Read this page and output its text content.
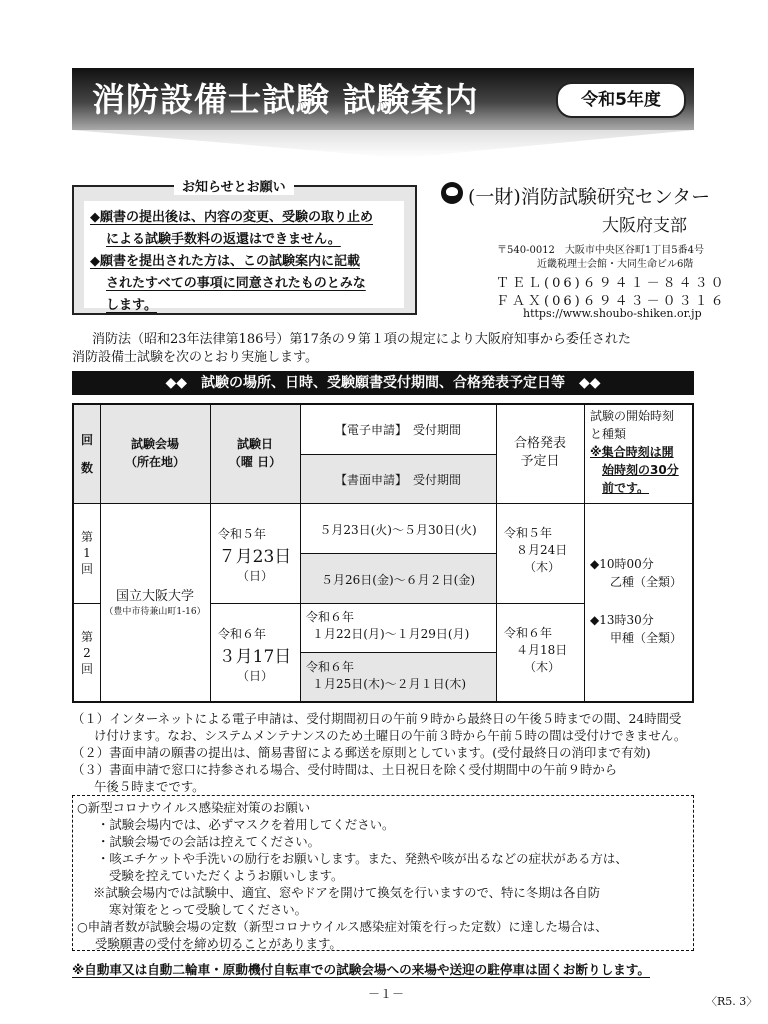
消防設備士試験 試験案内	令和5年度
お知らせとお願い
◆願書の提出後は、内容の変更、受験の取り止め
による試験手数料の返還はできません。
◆願書を提出された方は、この試験案内に記載
されたすべての事項に同意されたものとみな
します。
(一財)消防試験研究センター
大阪府支部
〒540-0012　大阪市中央区谷町1丁目5番4号
近畿税理士会館・大同生命ビル6階
ＴＥＬ(06)６９４１－８４３０
ＦＡＸ(06)６９４３－０３１６
https://www.shoubo-shiken.or.jp
消防法（昭和23年法律第186号）第17条の９第１項の規定により大阪府知事から委任された
消防設備士試験を次のとおり実施します。
◆◆　試験の場所、日時、受験願書受付期間、合格発表予定日等　◆◆
回
数
試験会場
（所在地）
試験日
（曜 日）
【電子申請】　受付期間
【書面申請】　受付期間
合格発表
予定日
試験の開始時刻
と種類
※集合時刻は開
始時刻の30分
前です。
第
1
回
第
2
回
国立大阪大学
（豊中市待兼山町1-16）
令和５年
７月23日
（日）
令和６年
３月17日
（日）
５月23日(火)～５月30日(火)
５月26日(金)～６月２日(金)
令和６年
１月22日(月)～１月29日(月)
令和６年
１月25日(木)～２月１日(木)
令和５年
８月24日
（木）
令和６年
４月18日
（木）
◆10時00分
乙種（全類）
◆13時30分
甲種（全類）
（１）インターネットによる電子申請は、受付期間初日の午前９時から最終日の午後５時までの間、24時間受
け付けます。なお、システムメンテナンスのため土曜日の午前３時から午前５時の間は受付けできません。
（２）書面申請の願書の提出は、簡易書留による郵送を原則としています。(受付最終日の消印まで有効)
（３）書面申請で窓口に持参される場合、受付時間は、土日祝日を除く受付期間中の午前９時から
午後５時までです。
○新型コロナウイルス感染症対策のお願い
・試験会場内では、必ずマスクを着用してください。
・試験会場での会話は控えてください。
・咳エチケットや手洗いの励行をお願いします。また、発熱や咳が出るなどの症状がある方は、
受験を控えていただくようお願いします。
※試験会場内では試験中、適宜、窓やドアを開けて換気を行いますので、特に冬期は各自防
寒対策をとって受験してください。
○申請者数が試験会場の定数（新型コロナウイルス感染症対策を行った定数）に達した場合は、
受験願書の受付を締め切ることがあります。
※自動車又は自動二輪車・原動機付自転車での試験会場への来場や送迎の駐停車は固くお断りします。
－１－
〈R5. 3〉
